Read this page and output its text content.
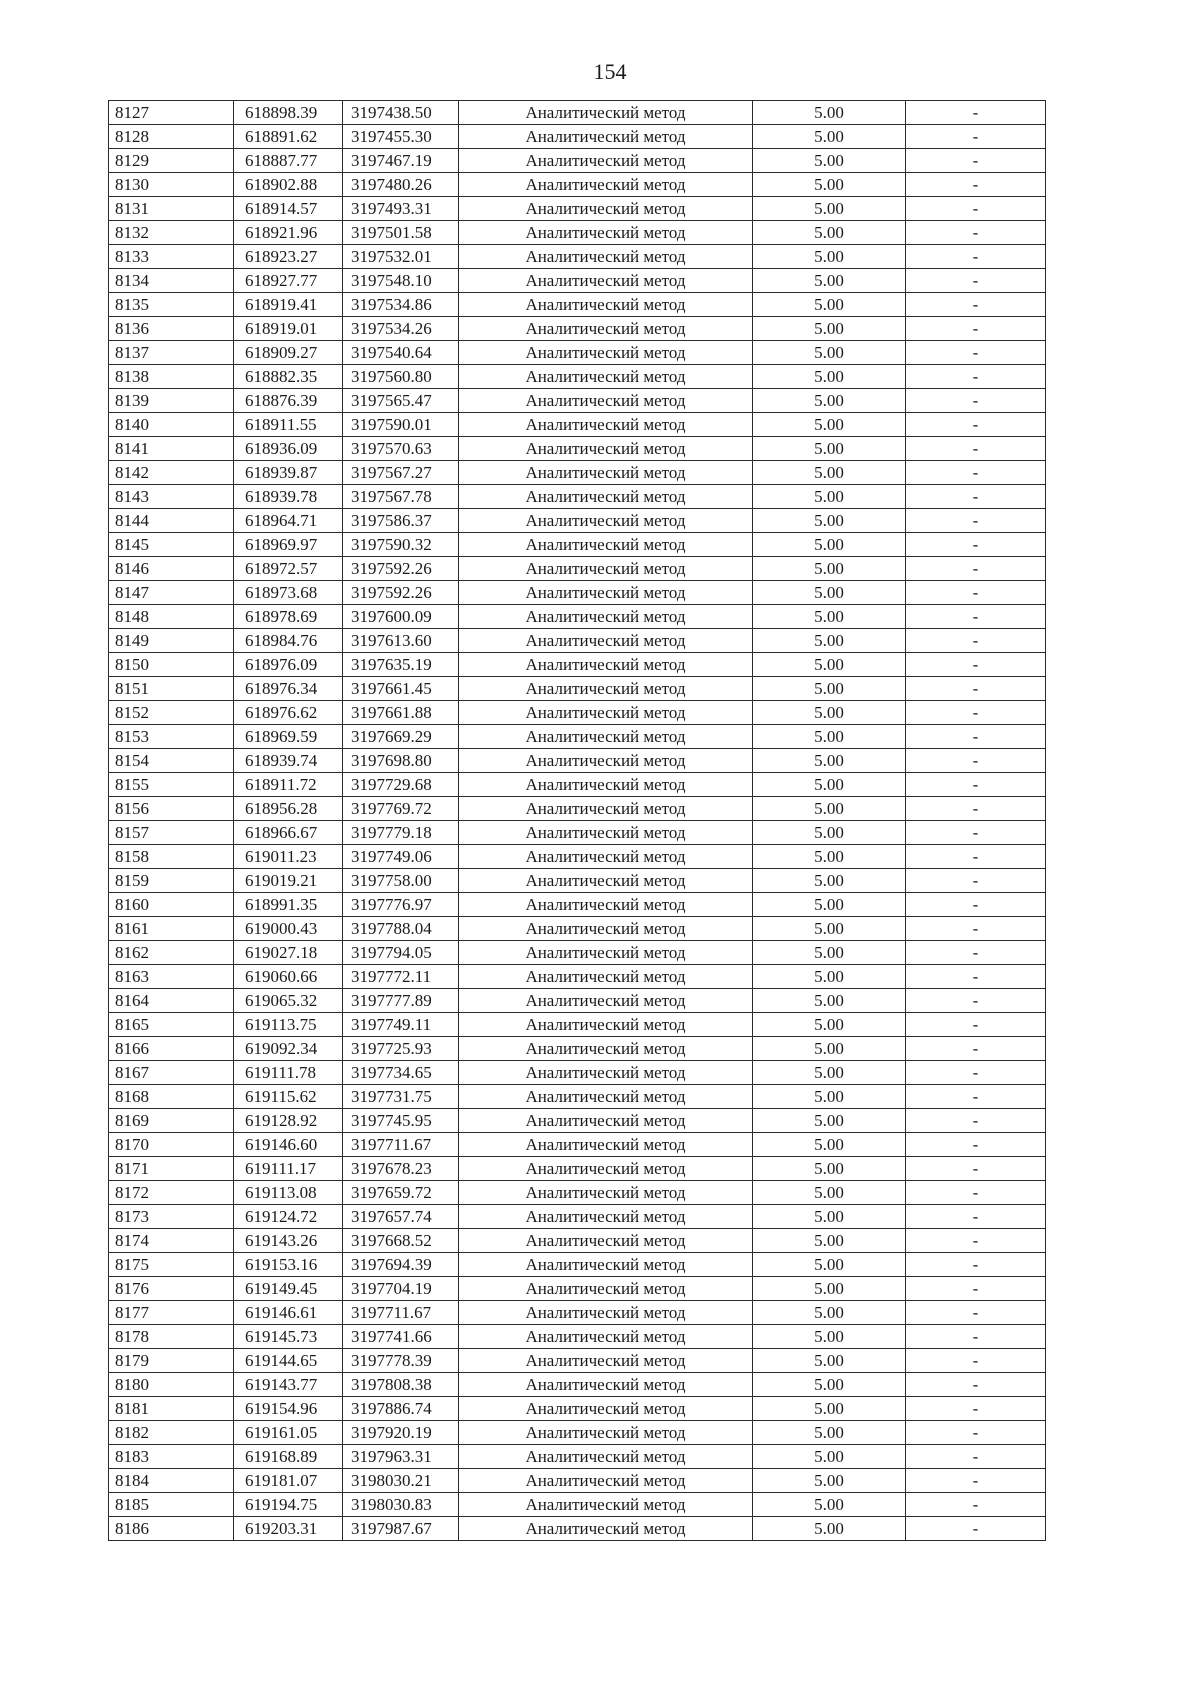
154
8127	618898.39	3197438.50	Аналитический метод	5.00	-
8128	618891.62	3197455.30	Аналитический метод	5.00	-
8129	618887.77	3197467.19	Аналитический метод	5.00	-
8130	618902.88	3197480.26	Аналитический метод	5.00	-
8131	618914.57	3197493.31	Аналитический метод	5.00	-
8132	618921.96	3197501.58	Аналитический метод	5.00	-
8133	618923.27	3197532.01	Аналитический метод	5.00	-
8134	618927.77	3197548.10	Аналитический метод	5.00	-
8135	618919.41	3197534.86	Аналитический метод	5.00	-
8136	618919.01	3197534.26	Аналитический метод	5.00	-
8137	618909.27	3197540.64	Аналитический метод	5.00	-
8138	618882.35	3197560.80	Аналитический метод	5.00	-
8139	618876.39	3197565.47	Аналитический метод	5.00	-
8140	618911.55	3197590.01	Аналитический метод	5.00	-
8141	618936.09	3197570.63	Аналитический метод	5.00	-
8142	618939.87	3197567.27	Аналитический метод	5.00	-
8143	618939.78	3197567.78	Аналитический метод	5.00	-
8144	618964.71	3197586.37	Аналитический метод	5.00	-
8145	618969.97	3197590.32	Аналитический метод	5.00	-
8146	618972.57	3197592.26	Аналитический метод	5.00	-
8147	618973.68	3197592.26	Аналитический метод	5.00	-
8148	618978.69	3197600.09	Аналитический метод	5.00	-
8149	618984.76	3197613.60	Аналитический метод	5.00	-
8150	618976.09	3197635.19	Аналитический метод	5.00	-
8151	618976.34	3197661.45	Аналитический метод	5.00	-
8152	618976.62	3197661.88	Аналитический метод	5.00	-
8153	618969.59	3197669.29	Аналитический метод	5.00	-
8154	618939.74	3197698.80	Аналитический метод	5.00	-
8155	618911.72	3197729.68	Аналитический метод	5.00	-
8156	618956.28	3197769.72	Аналитический метод	5.00	-
8157	618966.67	3197779.18	Аналитический метод	5.00	-
8158	619011.23	3197749.06	Аналитический метод	5.00	-
8159	619019.21	3197758.00	Аналитический метод	5.00	-
8160	618991.35	3197776.97	Аналитический метод	5.00	-
8161	619000.43	3197788.04	Аналитический метод	5.00	-
8162	619027.18	3197794.05	Аналитический метод	5.00	-
8163	619060.66	3197772.11	Аналитический метод	5.00	-
8164	619065.32	3197777.89	Аналитический метод	5.00	-
8165	619113.75	3197749.11	Аналитический метод	5.00	-
8166	619092.34	3197725.93	Аналитический метод	5.00	-
8167	619111.78	3197734.65	Аналитический метод	5.00	-
8168	619115.62	3197731.75	Аналитический метод	5.00	-
8169	619128.92	3197745.95	Аналитический метод	5.00	-
8170	619146.60	3197711.67	Аналитический метод	5.00	-
8171	619111.17	3197678.23	Аналитический метод	5.00	-
8172	619113.08	3197659.72	Аналитический метод	5.00	-
8173	619124.72	3197657.74	Аналитический метод	5.00	-
8174	619143.26	3197668.52	Аналитический метод	5.00	-
8175	619153.16	3197694.39	Аналитический метод	5.00	-
8176	619149.45	3197704.19	Аналитический метод	5.00	-
8177	619146.61	3197711.67	Аналитический метод	5.00	-
8178	619145.73	3197741.66	Аналитический метод	5.00	-
8179	619144.65	3197778.39	Аналитический метод	5.00	-
8180	619143.77	3197808.38	Аналитический метод	5.00	-
8181	619154.96	3197886.74	Аналитический метод	5.00	-
8182	619161.05	3197920.19	Аналитический метод	5.00	-
8183	619168.89	3197963.31	Аналитический метод	5.00	-
8184	619181.07	3198030.21	Аналитический метод	5.00	-
8185	619194.75	3198030.83	Аналитический метод	5.00	-
8186	619203.31	3197987.67	Аналитический метод	5.00	-
